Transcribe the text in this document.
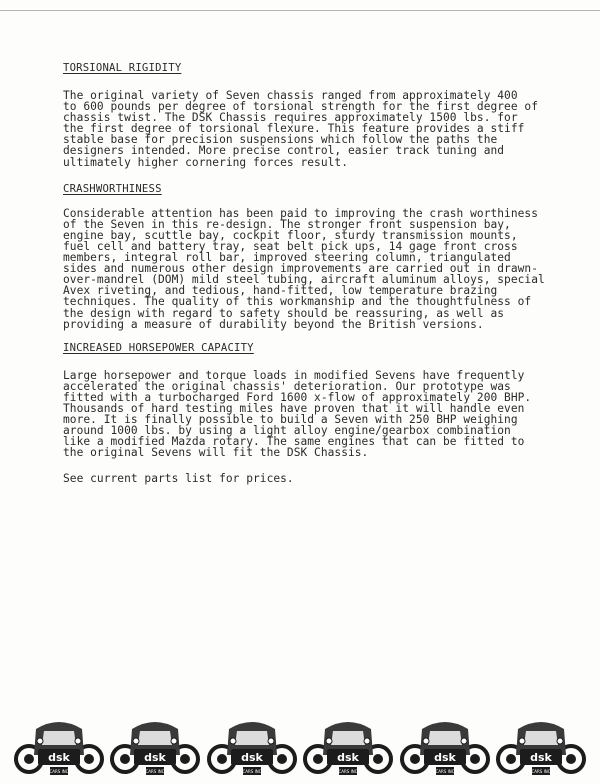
TORSIONAL RIGIDITY

The original variety of Seven chassis ranged from approximately 400
to 600 pounds per degree of torsional strength for the first degree of
chassis twist. The DSK Chassis requires approximately 1500 lbs. for
the first degree of torsional flexure. This feature provides a stiff
stable base for precision suspensions which follow the paths the
designers intended. More precise control, easier track tuning and
ultimately higher cornering forces result.

CRASHWORTHINESS

Considerable attention has been paid to improving the crash worthiness
of the Seven in this re-design. The stronger front suspension bay,
engine bay, scuttle bay, cockpit floor, sturdy transmission mounts,
fuel cell and battery tray, seat belt pick ups, 14 gage front cross
members, integral roll bar, improved steering column, triangulated
sides and numerous other design improvements are carried out in drawn-
over-mandrel (DOM) mild steel tubing, aircraft aluminum alloys, special
Avex riveting, and tedious, hand-fitted, low temperature brazing
techniques. The quality of this workmanship and the thoughtfulness of
the design with regard to safety should be reassuring, as well as
providing a measure of durability beyond the British versions.

INCREASED HORSEPOWER CAPACITY

Large horsepower and torque loads in modified Sevens have frequently
accelerated the original chassis' deterioration. Our prototype was
fitted with a turbocharged Ford 1600 x-flow of approximately 200 BHP.
Thousands of hard testing miles have proven that it will handle even
more. It is finally possible to build a Seven with 250 BHP weighing
around 1000 lbs. by using a light alloy engine/gearbox combination
like a modified Mazda rotary. The same engines that can be fitted to
the original Sevens will fit the DSK Chassis.

See current parts list for prices.

dsk
CARS INC
dsk
CARS INC
dsk
CARS INC
dsk
CARS INC
dsk
CARS INC
dsk
CARS INC
